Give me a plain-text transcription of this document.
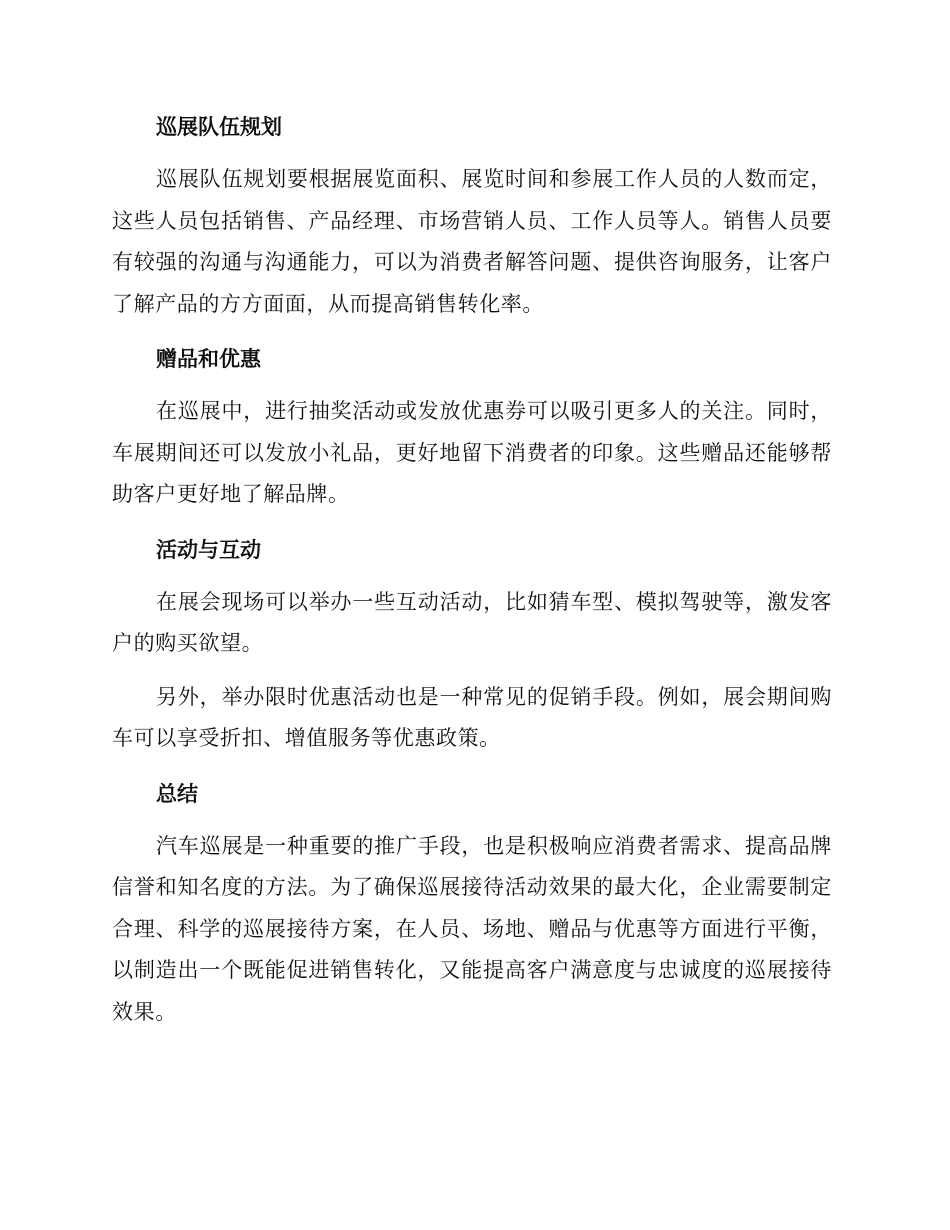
巡展队伍规划

巡展队伍规划要根据展览面积、展览时间和参展工作人员的人数而定，这些人员包括销售、产品经理、市场营销人员、工作人员等人。销售人员要有较强的沟通与沟通能力，可以为消费者解答问题、提供咨询服务，让客户了解产品的方方面面，从而提高销售转化率。

赠品和优惠

在巡展中，进行抽奖活动或发放优惠券可以吸引更多人的关注。同时，车展期间还可以发放小礼品，更好地留下消费者的印象。这些赠品还能够帮助客户更好地了解品牌。

活动与互动

在展会现场可以举办一些互动活动，比如猜车型、模拟驾驶等，激发客户的购买欲望。

另外，举办限时优惠活动也是一种常见的促销手段。例如，展会期间购车可以享受折扣、增值服务等优惠政策。

总结

汽车巡展是一种重要的推广手段，也是积极响应消费者需求、提高品牌信誉和知名度的方法。为了确保巡展接待活动效果的最大化，企业需要制定合理、科学的巡展接待方案，在人员、场地、赠品与优惠等方面进行平衡，以制造出一个既能促进销售转化，又能提高客户满意度与忠诚度的巡展接待效果。
